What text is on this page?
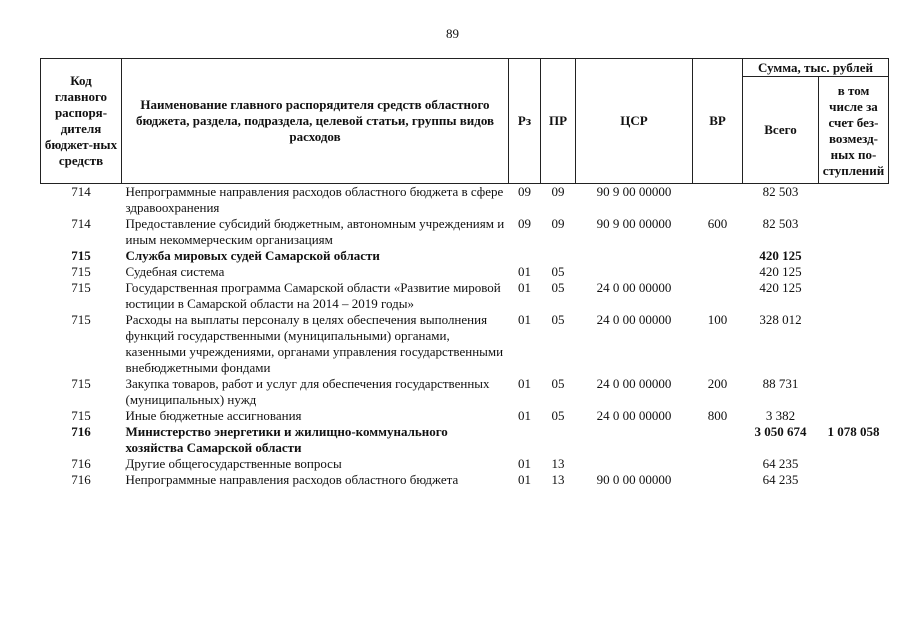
89
Код главного распоря-дителя бюджет-ных средств	Наименование главного распорядителя средств областного бюджета, раздела, подраздела, целевой статьи, группы видов расходов	Рз	ПР	ЦСР	ВР	Сумма, тыс. рублей	
						Всего	в том числе за счет без-возмезд-ных по-ступлений
714	Непрограммные направления расходов областного бюджета в сфере здравоохранения	09	09	90 9 00 00000		82 503	
714	Предоставление субсидий бюджетным, автономным учреждениям и иным некоммерческим организациям	09	09	90 9 00 00000	600	82 503	
715	Служба мировых судей Самарской области					420 125	
715	Судебная система	01	05			420 125	
715	Государственная программа Самарской области «Развитие мировой юстиции в Самарской области на 2014 – 2019 годы»	01	05	24 0 00 00000		420 125	
715	Расходы на выплаты персоналу в целях обеспечения выполнения функций государственными (муниципальными) органами, казенными учреждениями, органами управления государственными внебюджетными фондами	01	05	24 0 00 00000	100	328 012	
715	Закупка товаров, работ и услуг для обеспечения государственных (муниципальных) нужд	01	05	24 0 00 00000	200	88 731	
715	Иные бюджетные ассигнования	01	05	24 0 00 00000	800	3 382	
716	Министерство энергетики и жилищно-коммунального хозяйства Самарской области					3 050 674	1 078 058
716	Другие общегосударственные вопросы	01	13			64 235	
716	Непрограммные направления расходов областного бюджета	01	13	90 0 00 00000		64 235	
